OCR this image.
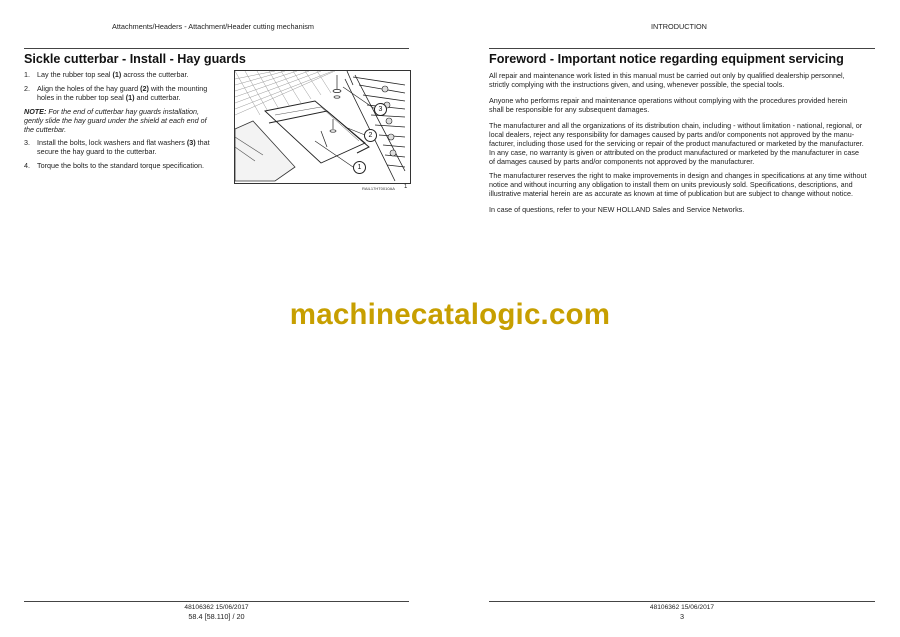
Attachments/Headers - Attachment/Header cutting mechanism
Sickle cutterbar - Install - Hay guards
1. Lay the rubber top seal (1) across the cutterbar.
2. Align the holes of the hay guard (2) with the mounting
holes in the rubber top seal (1) and cutterbar.
NOTE: For the end of cutterbar hay guards installation,
gently slide the hay guard under the shield at each end of
the cutterbar.
3. Install the bolts, lock washers and flat washers (3) that
secure the hay guard to the cutterbar.
4. Torque the bolts to the standard torque specification.
3
2
1
RAIL17HT0010AA 1
48106362 15/06/2017
58.4 [58.110] / 20
INTRODUCTION
Foreword - Important notice regarding equipment servicing
All repair and maintenance work listed in this manual must be carried out only by qualified dealership personnel,
strictly complying with the instructions given, and using, whenever possible, the special tools.
Anyone who performs repair and maintenance operations without complying with the procedures provided herein
shall be responsible for any subsequent damages.
The manufacturer and all the organizations of its distribution chain, including - without limitation - national, regional, or
local dealers, reject any responsibility for damages caused by parts and/or components not approved by the manu-
facturer, including those used for the servicing or repair of the product manufactured or marketed by the manufacturer.
In any case, no warranty is given or attributed on the product manufactured or marketed by the manufacturer in case
of damages caused by parts and/or components not approved by the manufacturer.
The manufacturer reserves the right to make improvements in design and changes in specifications at any time without
notice and without incurring any obligation to install them on units previously sold. Specifications, descriptions, and
illustrative material herein are as accurate as known at time of publication but are subject to change without notice.
In case of questions, refer to your NEW HOLLAND Sales and Service Networks.
48106362 15/06/2017
3
machinecatalogic.com
